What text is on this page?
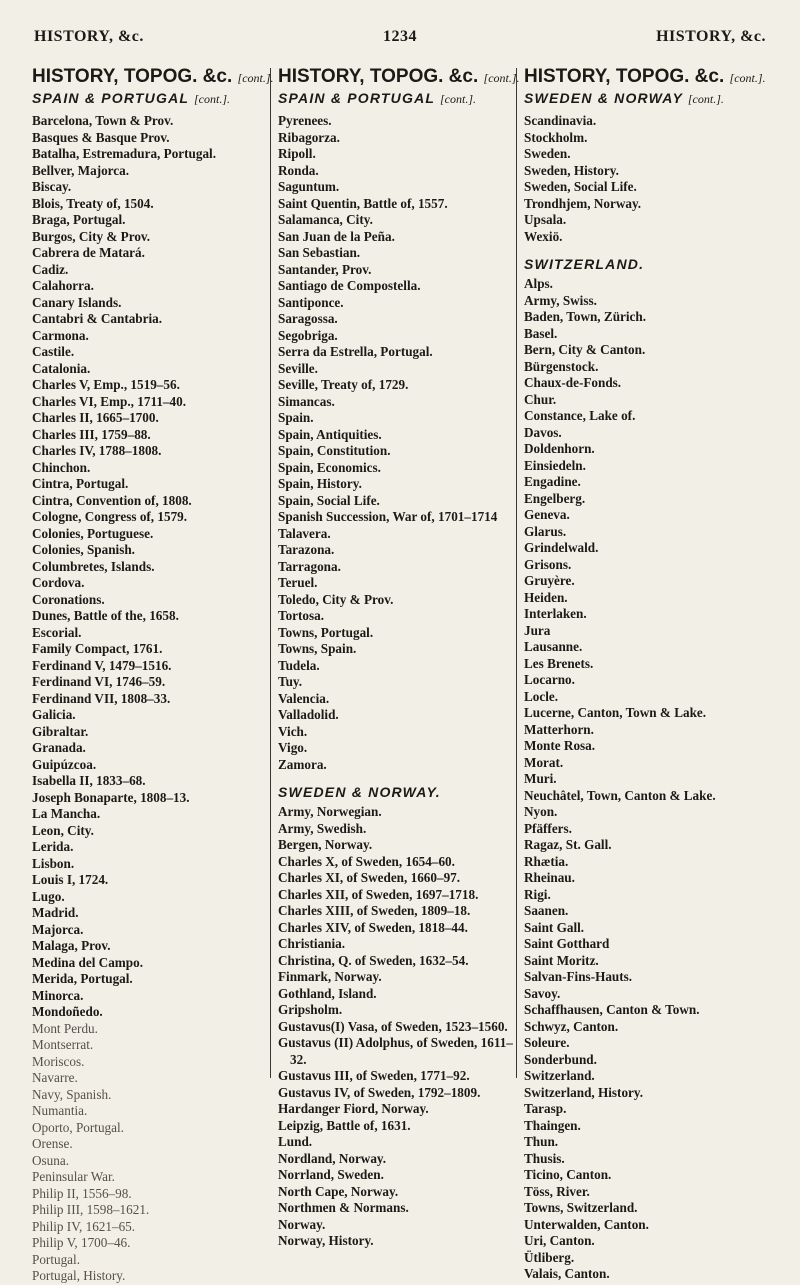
HISTORY, &c.	1234	HISTORY, &c.
HISTORY, TOPOG. &c. [cont.].
SPAIN & PORTUGAL [cont.].
Barcelona, Town & Prov.
Basques & Basque Prov.
Batalha, Estremadura, Portugal.
Bellver, Majorca.
Biscay.
Blois, Treaty of, 1504.
Braga, Portugal.
Burgos, City & Prov.
Cabrera de Matará.
Cadiz.
Calahorra.
Canary Islands.
Cantabri & Cantabria.
Carmona.
Castile.
Catalonia.
Charles V, Emp., 1519–56.
Charles VI, Emp., 1711–40.
Charles II, 1665–1700.
Charles III, 1759–88.
Charles IV, 1788–1808.
Chinchon.
Cintra, Portugal.
Cintra, Convention of, 1808.
Cologne, Congress of, 1579.
Colonies, Portuguese.
Colonies, Spanish.
Columbretes, Islands.
Cordova.
Coronations.
Dunes, Battle of the, 1658.
Escorial.
Family Compact, 1761.
Ferdinand V, 1479–1516.
Ferdinand VI, 1746–59.
Ferdinand VII, 1808–33.
Galicia.
Gibraltar.
Granada.
Guipúzcoa.
Isabella II, 1833–68.
Joseph Bonaparte, 1808–13.
La Mancha.
Leon, City.
Lerida.
Lisbon.
Louis I, 1724.
Lugo.
Madrid.
Majorca.
Malaga, Prov.
Medina del Campo.
Merida, Portugal.
Minorca.
Mondoñedo.
Mont Perdu.
Montserrat.
Moriscos.
Navarre.
Navy, Spanish.
Numantia.
Oporto, Portugal.
Orense.
Osuna.
Peninsular War.
Philip II, 1556–98.
Philip III, 1598–1621.
Philip IV, 1621–65.
Philip V, 1700–46.
Portugal.
Portugal, History.
HISTORY, TOPOG. &c. [cont.].
SPAIN & PORTUGAL [cont.].
Pyrenees.
Ribagorza.
Ripoll.
Ronda.
Saguntum.
Saint Quentin, Battle of, 1557.
Salamanca, City.
San Juan de la Peña.
San Sebastian.
Santander, Prov.
Santiago de Compostella.
Santiponce.
Saragossa.
Segobriga.
Serra da Estrella, Portugal.
Seville.
Seville, Treaty of, 1729.
Simancas.
Spain.
Spain, Antiquities.
Spain, Constitution.
Spain, Economics.
Spain, History.
Spain, Social Life.
Spanish Succession, War of, 1701–1714
Talavera.
Tarazona.
Tarragona.
Teruel.
Toledo, City & Prov.
Tortosa.
Towns, Portugal.
Towns, Spain.
Tudela.
Tuy.
Valencia.
Valladolid.
Vich.
Vigo.
Zamora.
SWEDEN & NORWAY.
Army, Norwegian.
Army, Swedish.
Bergen, Norway.
Charles X, of Sweden, 1654–60.
Charles XI, of Sweden, 1660–97.
Charles XII, of Sweden, 1697–1718.
Charles XIII, of Sweden, 1809–18.
Charles XIV, of Sweden, 1818–44.
Christiania.
Christina, Q. of Sweden, 1632–54.
Finmark, Norway.
Gothland, Island.
Gripsholm.
Gustavus(I) Vasa, of Sweden, 1523–1560.
Gustavus (II) Adolphus, of Sweden, 1611–32.
Gustavus III, of Sweden, 1771–92.
Gustavus IV, of Sweden, 1792–1809.
Hardanger Fiord, Norway.
Leipzig, Battle of, 1631.
Lund.
Nordland, Norway.
Norrland, Sweden.
North Cape, Norway.
Northmen & Normans.
Norway.
Norway, History.
HISTORY, TOPOG. &c. [cont.].
SWEDEN & NORWAY [cont.].
Scandinavia.
Stockholm.
Sweden.
Sweden, History.
Sweden, Social Life.
Trondhjem, Norway.
Upsala.
Wexiö.
SWITZERLAND.
Alps.
Army, Swiss.
Baden, Town, Zürich.
Basel.
Bern, City & Canton.
Bürgenstock.
Chaux-de-Fonds.
Chur.
Constance, Lake of.
Davos.
Doldenhorn.
Einsiedeln.
Engadine.
Engelberg.
Geneva.
Glarus.
Grindelwald.
Grisons.
Gruyère.
Heiden.
Interlaken.
Jura
Lausanne.
Les Brenets.
Locarno.
Locle.
Lucerne, Canton, Town & Lake.
Matterhorn.
Monte Rosa.
Morat.
Muri.
Neuchâtel, Town, Canton & Lake.
Nyon.
Pfäffers.
Ragaz, St. Gall.
Rhætia.
Rheinau.
Rigi.
Saanen.
Saint Gall.
Saint Gotthard
Saint Moritz.
Salvan-Fins-Hauts.
Savoy.
Schaffhausen, Canton & Town.
Schwyz, Canton.
Soleure.
Sonderbund.
Switzerland.
Switzerland, History.
Tarasp.
Thaingen.
Thun.
Thusis.
Ticino, Canton.
Töss, River.
Towns, Switzerland.
Unterwalden, Canton.
Uri, Canton.
Ütliberg.
Valais, Canton.
